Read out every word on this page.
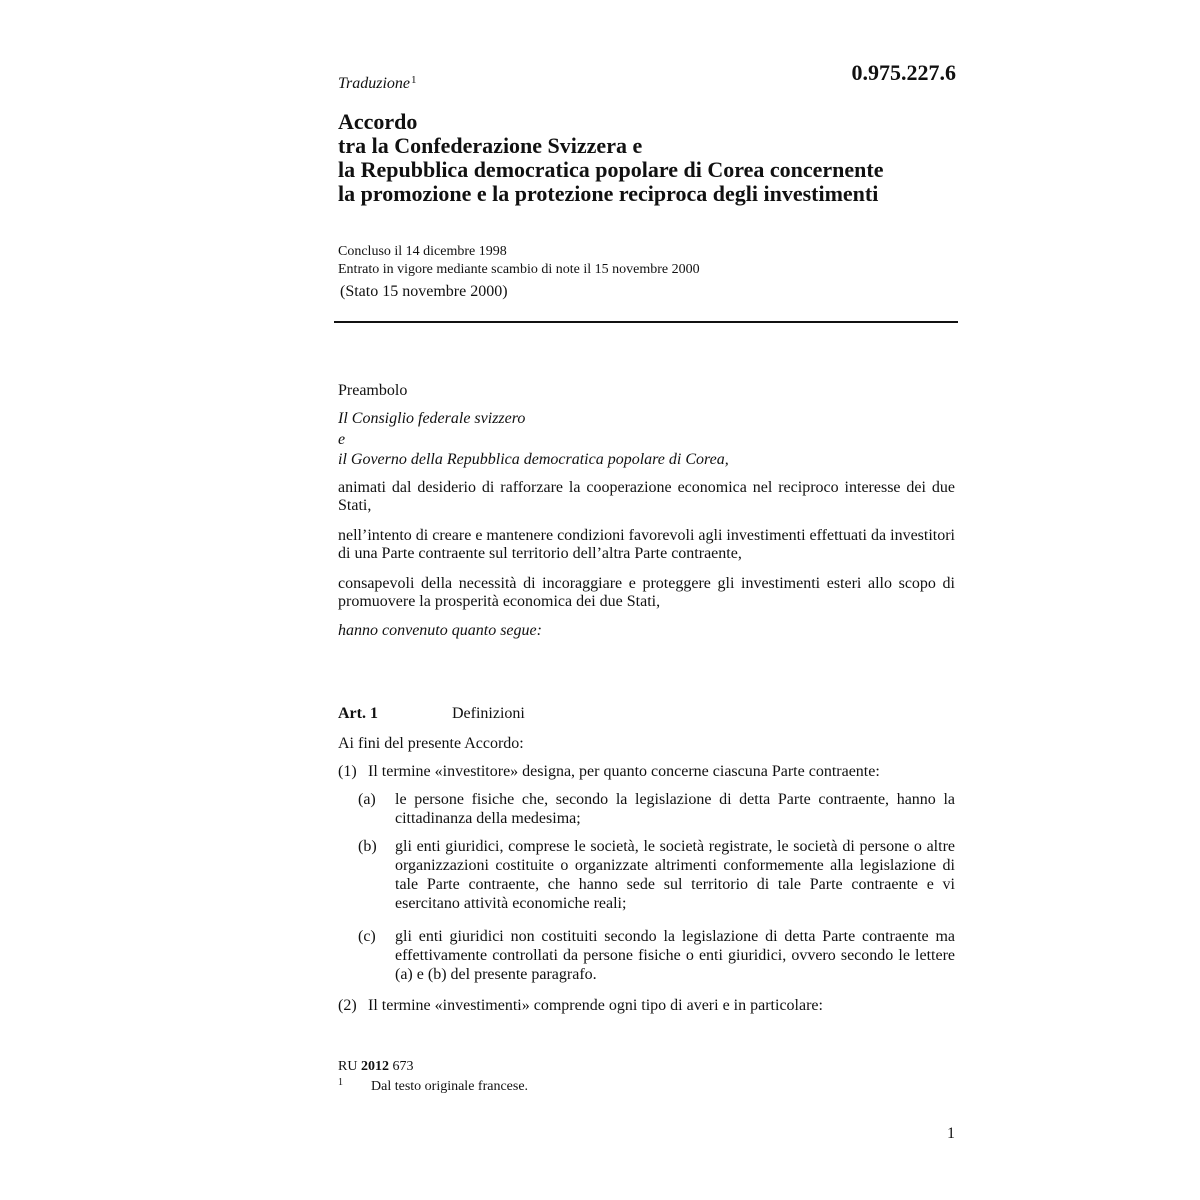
Traduzione$^1$	0.975.227.6
Accordo
tra la Confederazione Svizzera e
la Repubblica democratica popolare di Corea concernente
la promozione e la protezione reciproca degli investimenti
Concluso il 14 dicembre 1998
Entrato in vigore mediante scambio di note il 15 novembre 2000
(Stato 15 novembre 2000)
Preambolo
Il Consiglio federale svizzero
e
il Governo della Repubblica democratica popolare di Corea,
animati dal desiderio di rafforzare la cooperazione economica nel reciproco interesse dei due Stati,
nell’intento di creare e mantenere condizioni favorevoli agli investimenti effettuati da investitori di una Parte contraente sul territorio dell’altra Parte contraente,
consapevoli della necessità di incoraggiare e proteggere gli investimenti esteri allo scopo di promuovere la prosperità economica dei due Stati,
hanno convenuto quanto segue:
Art. 1	Definizioni
Ai fini del presente Accordo:
(1) Il termine «investitore» designa, per quanto concerne ciascuna Parte contraente:
(a) le persone fisiche che, secondo la legislazione di detta Parte contraente, hanno la cittadinanza della medesima;
(b) gli enti giuridici, comprese le società, le società registrate, le società di persone o altre organizzazioni costituite o organizzate altrimenti conformemente alla legislazione di tale Parte contraente, che hanno sede sul territorio di tale Parte contraente e vi esercitano attività economiche reali;
(c) gli enti giuridici non costituiti secondo la legislazione di detta Parte contraente ma effettivamente controllati da persone fisiche o enti giuridici, ovvero secondo le lettere (a) e (b) del presente paragrafo.
(2) Il termine «investimenti» comprende ogni tipo di averi e in particolare:
RU 2012 673
1 Dal testo originale francese.
1
